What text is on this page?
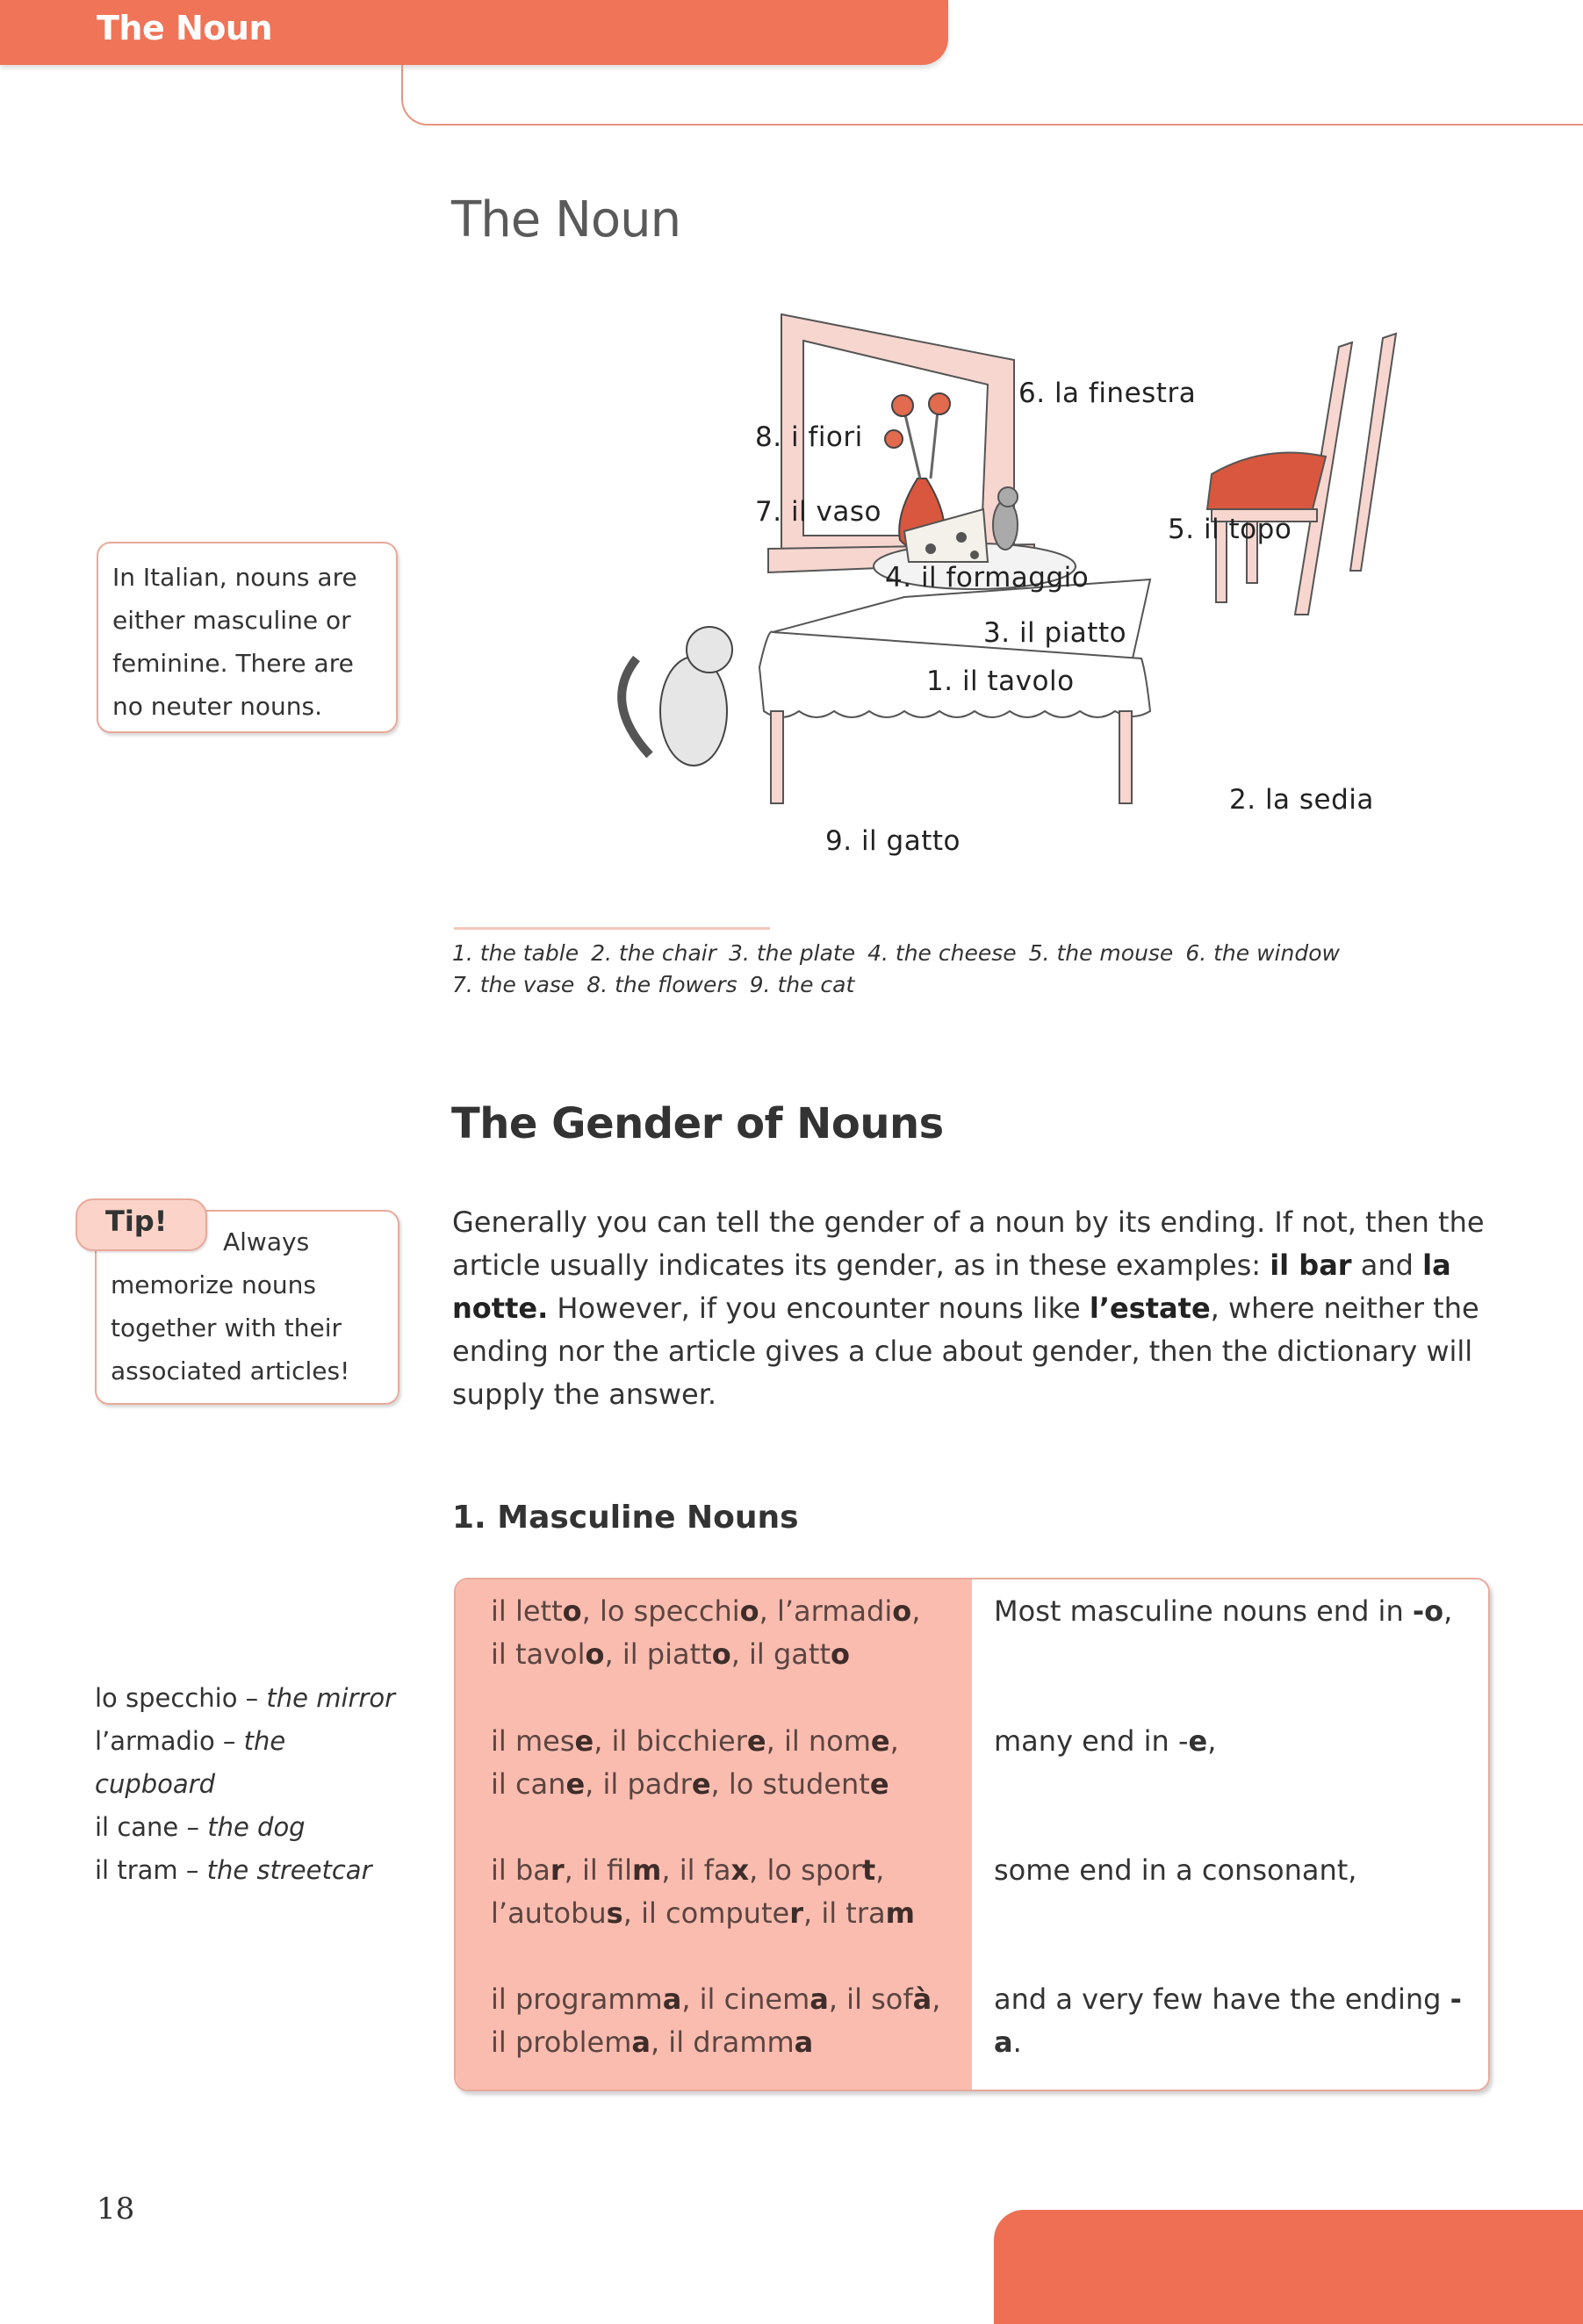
The Noun
The Noun
6. la finestra
8. i fiori
7. il vaso
5. il topo
4. il formaggio
3. il piatto
1. il tavolo
2. la sedia
9. il gatto
1. the table 2. the chair 3. the plate 4. the cheese 5. the mouse 6. the window
7. the vase 8. the flowers 9. the cat
In Italian, nouns are either masculine or feminine. There are no neuter nouns.
The Gender of Nouns
Tip!
Always
memorize nouns together with their associated articles!
Generally you can tell the gender of a noun by its ending. If not, then the article usually indicates its gender, as in these examples: il bar and la notte. However, if you encounter nouns like l’estate, where neither the ending nor the article gives a clue about gender, then the dictionary will supply the answer.
1. Masculine Nouns
il letto, lo specchio, l’armadio,
il tavolo, il piatto, il gatto
Most masculine nouns end in -o,
il mese, il bicchiere, il nome,
il cane, il padre, lo studente
many end in -e,
il bar, il film, il fax, lo sport,
l’autobus, il computer, il tram
some end in a consonant,
il programma, il cinema, il sofà,
il problema, il dramma
and a very few have the ending -a.
lo specchio – the mirror
l’armadio – the cupboard
il cane – the dog
il tram – the streetcar
18
